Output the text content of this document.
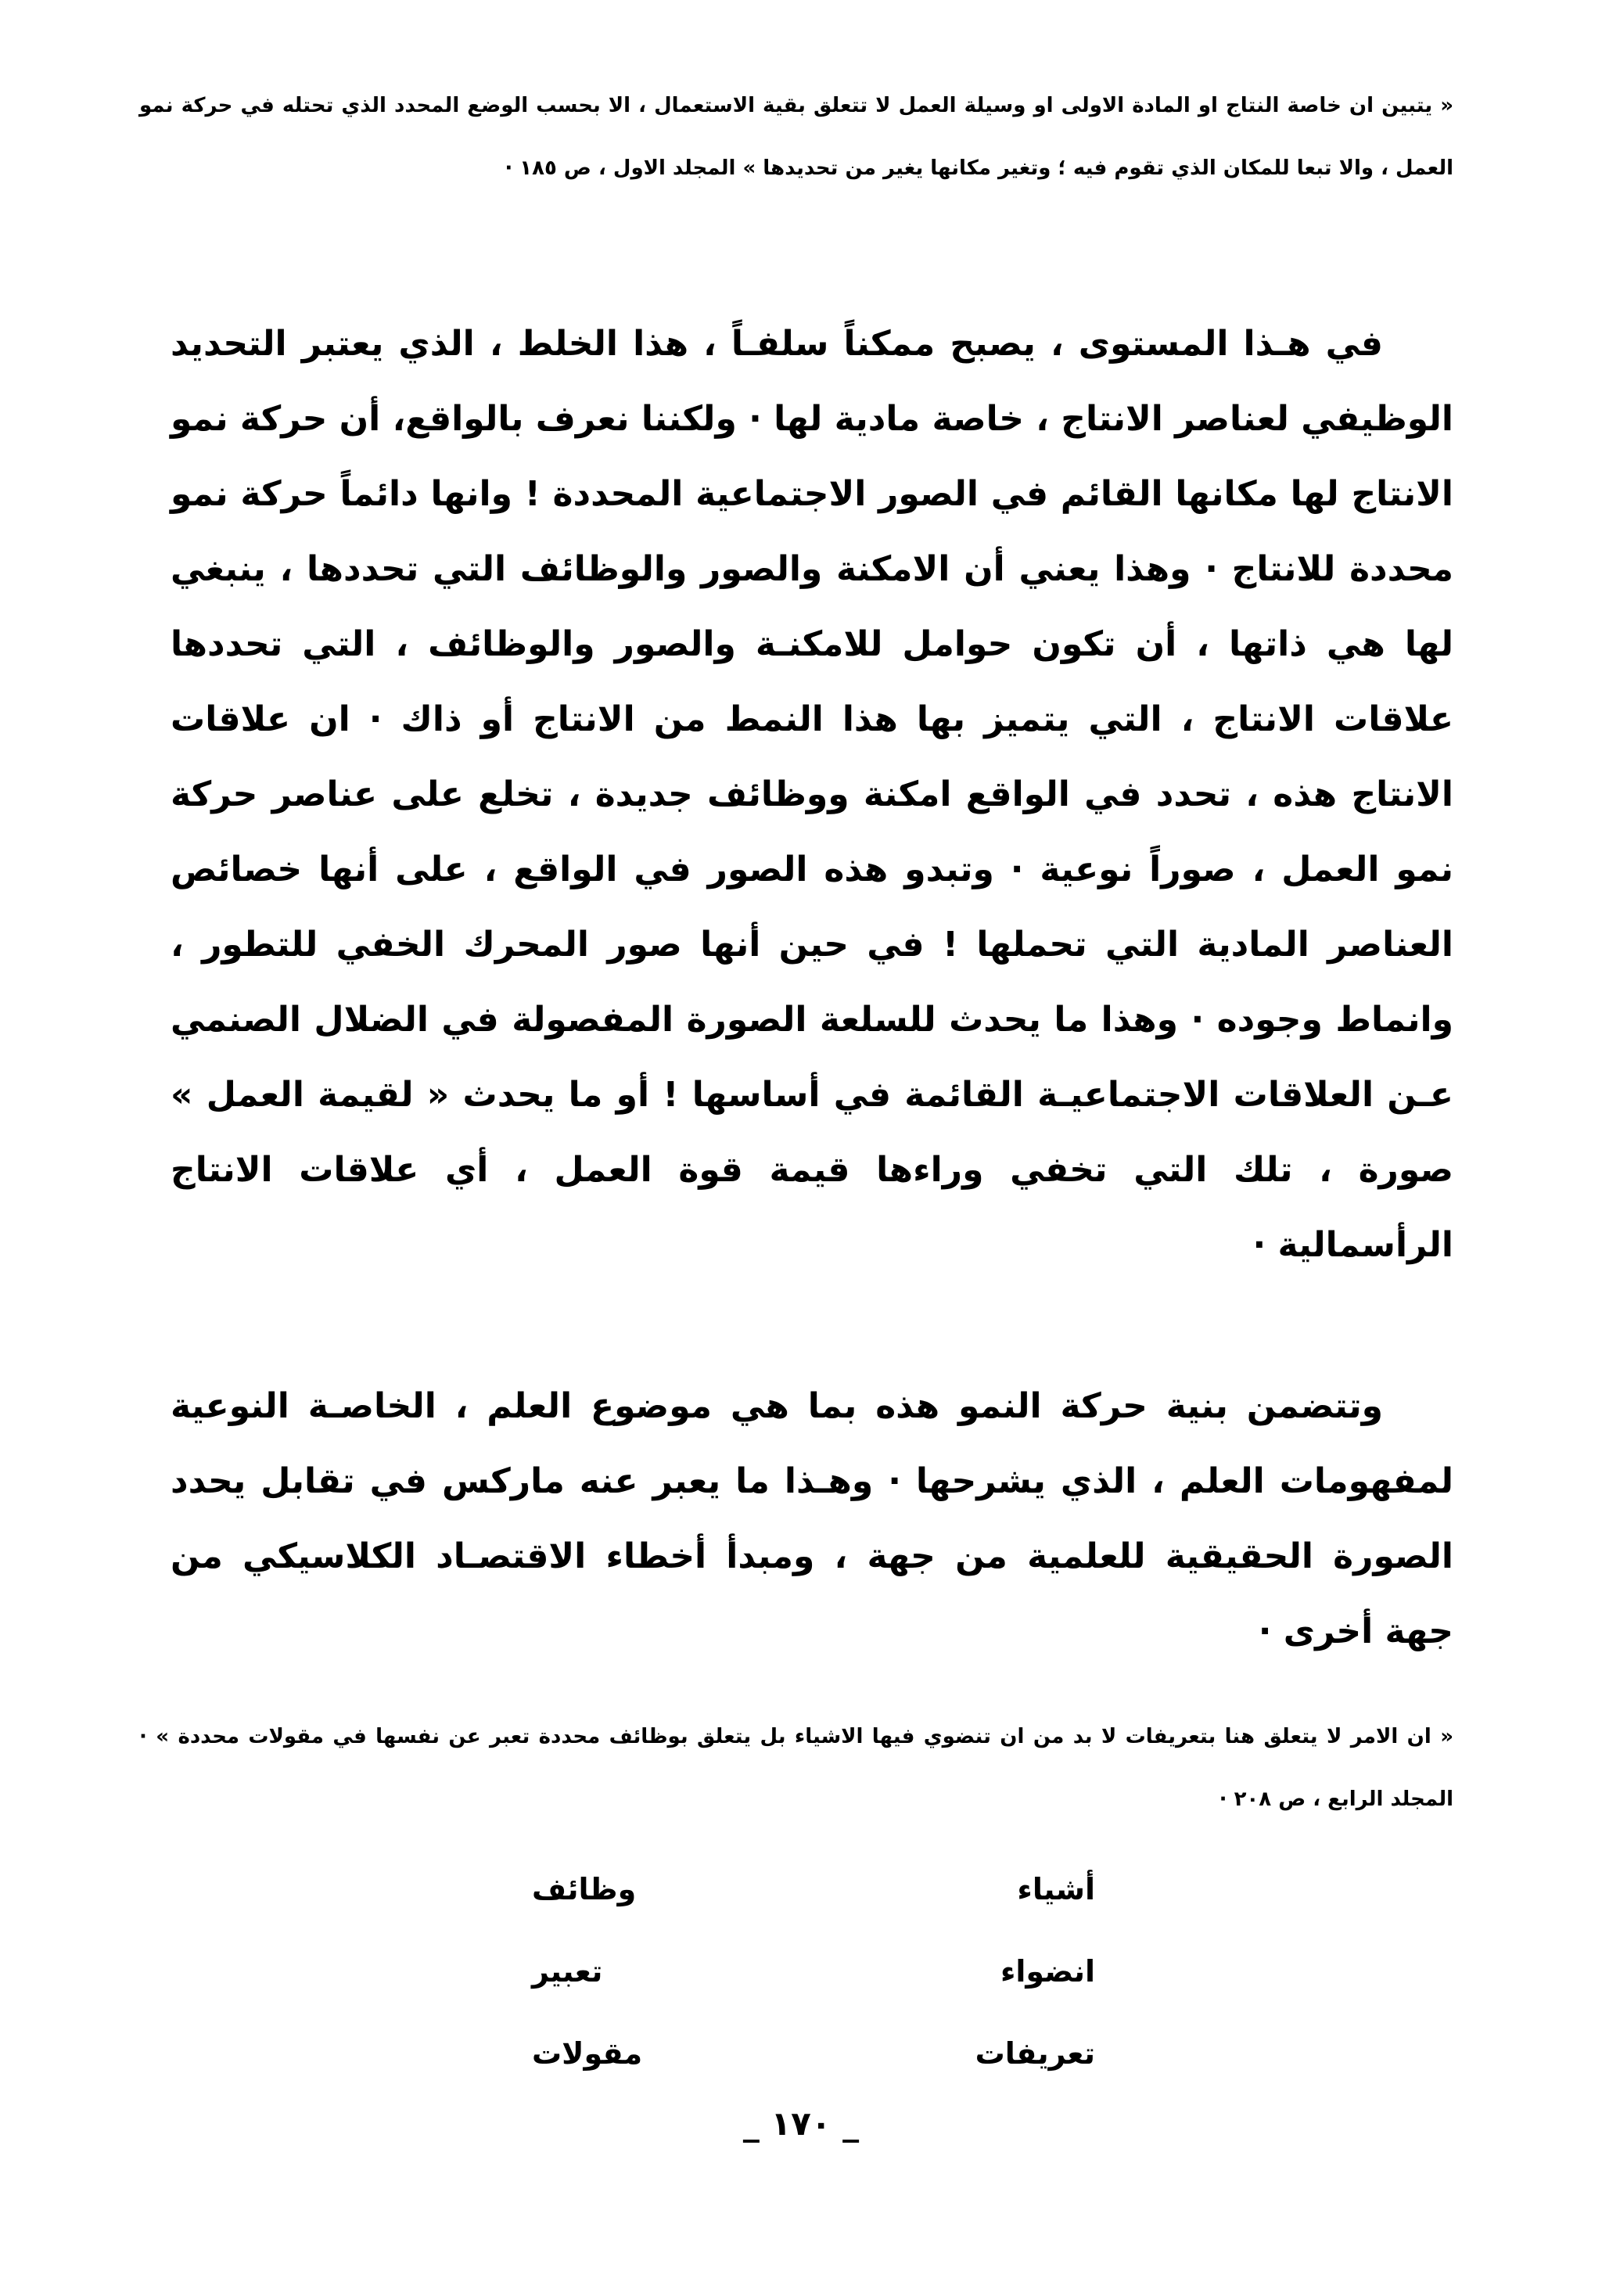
« يتبين ان خاصة النتاج او المادة الاولى او وسيلة العمل لا تتعلق بقية الاستعمال ، الا بحسب الوضع المحدد الذي تحتله في حركة نمو العمل ، والا تبعا للمكان الذي تقوم فيه ؛ وتغير مكانها يغير من تحديدها » المجلد الاول ، ص ١٨٥ ·

في هـذا المستوى ، يصبح ممكناً سلفـاً ، هذا الخلط ، الذي يعتبر التحديد الوظيفي لعناصر الانتاج ، خاصة مادية لها · ولكننا نعرف بالواقع، أن حركة نمو الانتاج لها مكانها القائم في الصور الاجتماعية المحددة ! وانها دائماً حركة نمو محددة للانتاج · وهذا يعني أن الامكنة والصور والوظائف التي تحددها ، ينبغي لها هي ذاتها ، أن تكون حوامل للامكنـة والصور والوظائف ، التي تحددها علاقات الانتاج ، التي يتميز بها هذا النمط من الانتاج أو ذاك · ان علاقات الانتاج هذه ، تحدد في الواقع امكنة ووظائف جديدة ، تخلع على عناصر حركة نمو العمل ، صوراً نوعية · وتبدو هذه الصور في الواقع ، على أنها خصائص العناصر المادية التي تحملها ! في حين أنها صور المحرك الخفي للتطور ، وانماط وجوده · وهذا ما يحدث للسلعة الصورة المفصولة في الضلال الصنمي عـن العلاقات الاجتماعيـة القائمة في أساسها ! أو ما يحدث « لقيمة العمل » صورة ، تلك التي تخفي وراءها قيمة قوة العمل ، أي علاقات الانتاج الرأسمالية ·

وتتضمن بنية حركة النمو هذه بما هي موضوع العلم ، الخاصـة النوعية لمفهومات العلم ، الذي يشرحها · وهـذا ما يعبر عنه ماركس في تقابل يحدد الصورة الحقيقية للعلمية من جهة ، ومبدأ أخطاء الاقتصـاد الكلاسيكي من جهة أخرى ·

« ان الامر لا يتعلق هنا بتعريفات لا بد من ان تنضوي فيها الاشياء بل يتعلق بوظائف محددة تعبر عن نفسها في مقولات محددة » · المجلد الرابع ، ص ٢٠٨ ·

أشياء
وظائف
انضواء
تعبير
تعريفات
مقولات
_ ١٧٠ _
